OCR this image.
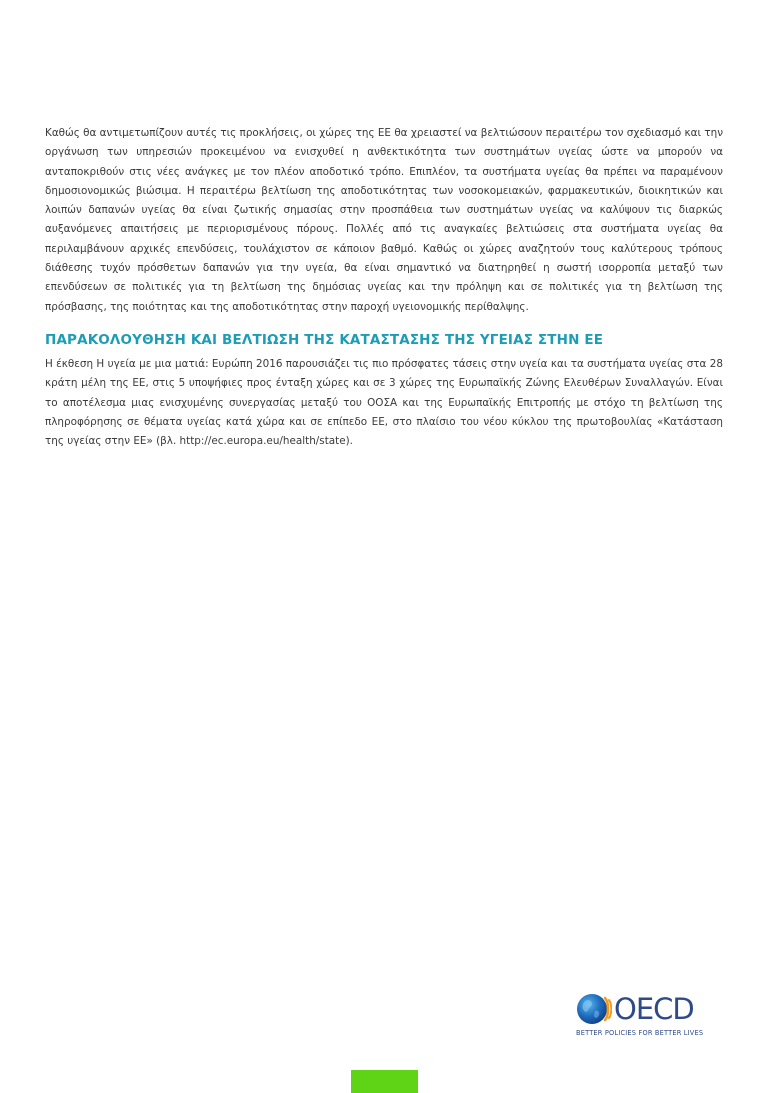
Καθώς θα αντιμετωπίζουν αυτές τις προκλήσεις, οι χώρες της ΕΕ θα χρειαστεί να βελτιώσουν περαιτέρω τον σχεδιασμό και την οργάνωση των υπηρεσιών προκειμένου να ενισχυθεί η ανθεκτικότητα των συστημάτων υγείας ώστε να μπορούν να ανταποκριθούν στις νέες ανάγκες με τον πλέον αποδοτικό τρόπο. Επιπλέον, τα συστήματα υγείας θα πρέπει να παραμένουν δημοσιονομικώς βιώσιμα. Η περαιτέρω βελτίωση της αποδοτικότητας των νοσοκομειακών, φαρμακευτικών, διοικητικών και λοιπών δαπανών υγείας θα είναι ζωτικής σημασίας στην προσπάθεια των συστημάτων υγείας να καλύψουν τις διαρκώς αυξανόμενες απαιτήσεις με περιορισμένους πόρους. Πολλές από τις αναγκαίες βελτιώσεις στα συστήματα υγείας θα περιλαμβάνουν αρχικές επενδύσεις, τουλάχιστον σε κάποιον βαθμό. Καθώς οι χώρες αναζητούν τους καλύτερους τρόπους διάθεσης τυχόν πρόσθετων δαπανών για την υγεία, θα είναι σημαντικό να διατηρηθεί η σωστή ισορροπία μεταξύ των επενδύσεων σε πολιτικές για τη βελτίωση της δημόσιας υγείας και την πρόληψη και σε πολιτικές για τη βελτίωση της πρόσβασης, της ποιότητας και της αποδοτικότητας στην παροχή υγειονομικής περίθαλψης.

ΠΑΡΑΚΟΛΟΥΘΗΣΗ ΚΑΙ ΒΕΛΤΙΩΣΗ ΤΗΣ ΚΑΤΑΣΤΑΣΗΣ ΤΗΣ ΥΓΕΙΑΣ ΣΤΗΝ ΕΕ

Η έκθεση Η υγεία με μια ματιά: Ευρώπη 2016 παρουσιάζει τις πιο πρόσφατες τάσεις στην υγεία και τα συστήματα υγείας στα 28 κράτη μέλη της ΕΕ, στις 5 υποψήφιες προς ένταξη χώρες και σε 3 χώρες της Ευρωπαϊκής Ζώνης Ελευθέρων Συναλλαγών. Είναι το αποτέλεσμα μιας ενισχυμένης συνεργασίας μεταξύ του ΟΟΣΑ και της Ευρωπαϊκής Επιτροπής με στόχο τη βελτίωση της πληροφόρησης σε θέματα υγείας κατά χώρα και σε επίπεδο ΕΕ, στο πλαίσιο του νέου κύκλου της πρωτοβουλίας «Κατάσταση της υγείας στην ΕΕ» (βλ. http://ec.europa.eu/health/state).

OECD
BETTER POLICIES FOR BETTER LIVES
